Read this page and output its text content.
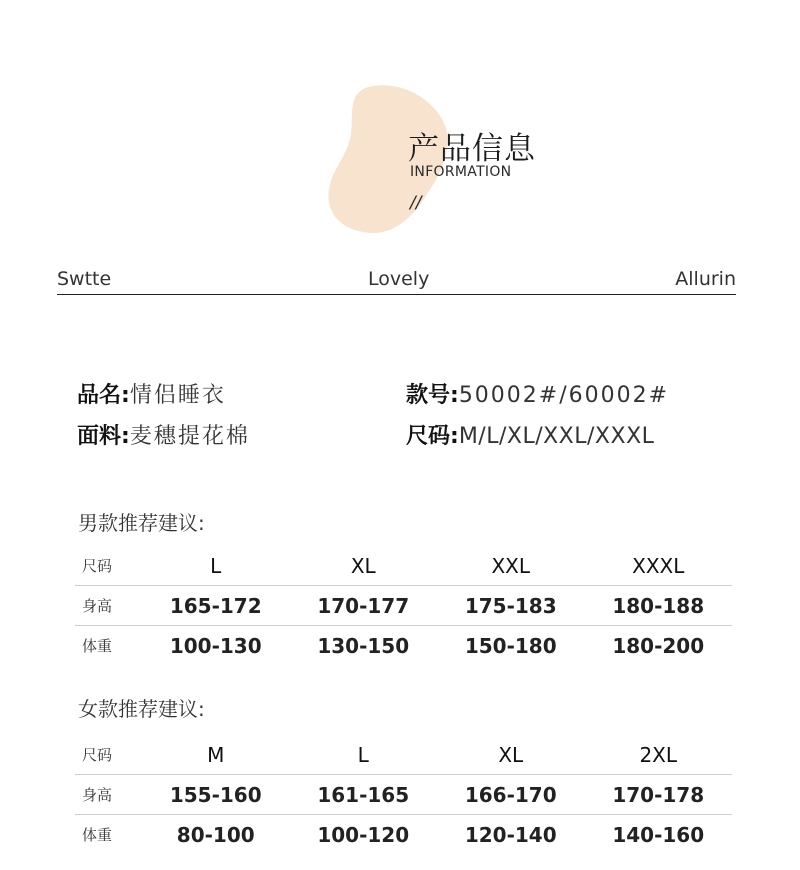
产品信息
INFORMATION
//
Swtte	Lovely	Allurin
品名:情侣睡衣	款号:50002#/60002#
面料:麦穗提花棉	尺码:M/L/XL/XXL/XXXL
男款推荐建议:
尺码	L	XL	XXL	XXXL
身高	165-172	170-177	175-183	180-188
体重	100-130	130-150	150-180	180-200
女款推荐建议:
尺码	M	L	XL	2XL
身高	155-160	161-165	166-170	170-178
体重	80-100	100-120	120-140	140-160
